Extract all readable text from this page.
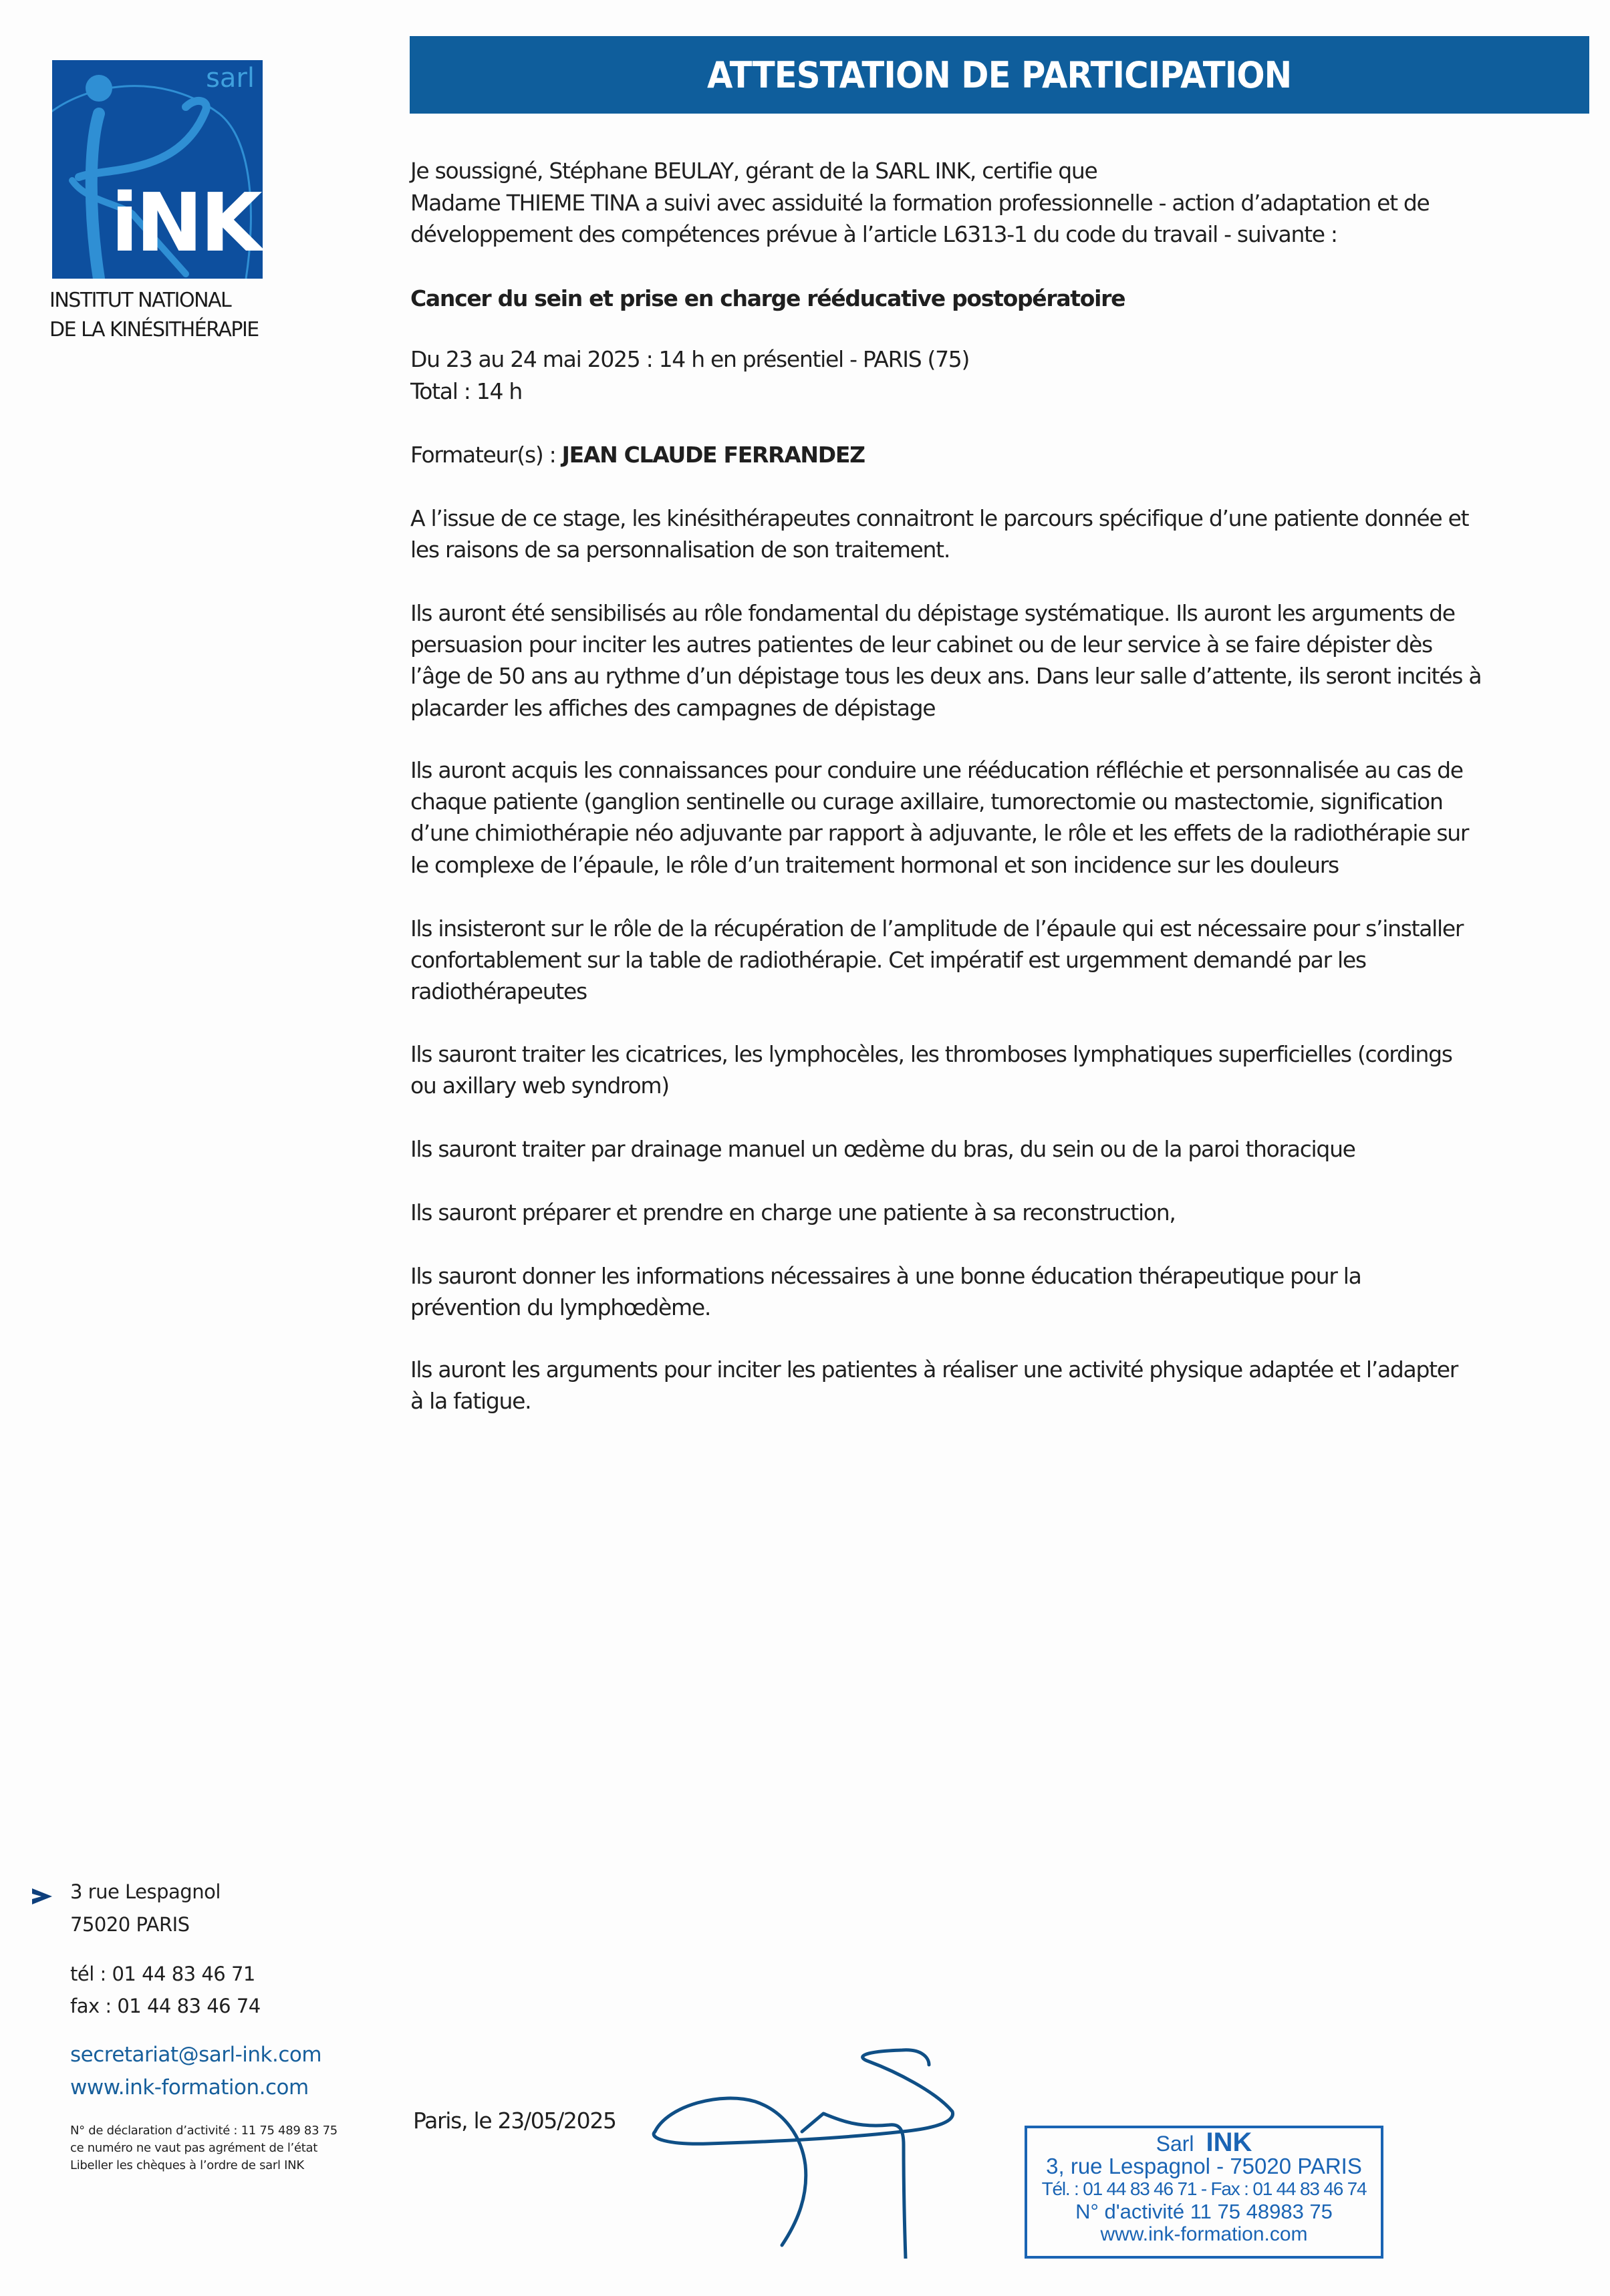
sarl
iNK
INSTITUT NATIONAL
DE LA KINÉSITHÉRAPIE
ATTESTATION DE PARTICIPATION
Je soussigné, Stéphane BEULAY, gérant de la SARL INK, certifie que
Madame THIEME TINA a suivi avec assiduité la formation professionnelle - action d’adaptation et de
développement des compétences prévue à l’article L6313-1 du code du travail - suivante :
Cancer du sein et prise en charge rééducative postopératoire
Du 23 au 24 mai 2025 : 14 h en présentiel - PARIS (75)
Total : 14 h
Formateur(s) : JEAN CLAUDE FERRANDEZ
A l’issue de ce stage, les kinésithérapeutes connaitront le parcours spécifique d’une patiente donnée et
les raisons de sa personnalisation de son traitement.
Ils auront été sensibilisés au rôle fondamental du dépistage systématique. Ils auront les arguments de
persuasion pour inciter les autres patientes de leur cabinet ou de leur service à se faire dépister dès
l’âge de 50 ans au rythme d’un dépistage tous les deux ans. Dans leur salle d’attente, ils seront incités à
placarder les affiches des campagnes de dépistage
Ils auront acquis les connaissances pour conduire une rééducation réfléchie et personnalisée au cas de
chaque patiente (ganglion sentinelle ou curage axillaire, tumorectomie ou mastectomie, signification
d’une chimiothérapie néo adjuvante par rapport à adjuvante, le rôle et les effets de la radiothérapie sur
le complexe de l’épaule, le rôle d’un traitement hormonal et son incidence sur les douleurs
Ils insisteront sur le rôle de la récupération de l’amplitude de l’épaule qui est nécessaire pour s’installer
confortablement sur la table de radiothérapie. Cet impératif est urgemment demandé par les
radiothérapeutes
Ils sauront traiter les cicatrices, les lymphocèles, les thromboses lymphatiques superficielles (cordings
ou axillary web syndrom)
Ils sauront traiter par drainage manuel un œdème du bras, du sein ou de la paroi thoracique
Ils sauront préparer et prendre en charge une patiente à sa reconstruction,
Ils sauront donner les informations nécessaires à une bonne éducation thérapeutique pour la
prévention du lymphœdème.
Ils auront les arguments pour inciter les patientes à réaliser une activité physique adaptée et l’adapter
à la fatigue.
3 rue Lespagnol
75020 PARIS
tél : 01 44 83 46 71
fax : 01 44 83 46 74
secretariat@sarl-ink.com
www.ink-formation.com
N° de déclaration d’activité : 11 75 489 83 75
ce numéro ne vaut pas agrément de l’état
Libeller les chèques à l’ordre de sarl INK
Paris, le 23/05/2025
Sarl INK
3, rue Lespagnol - 75020 PARIS
Tél. : 01 44 83 46 71 - Fax : 01 44 83 46 74
N° d'activité 11 75 48983 75
www.ink-formation.com
